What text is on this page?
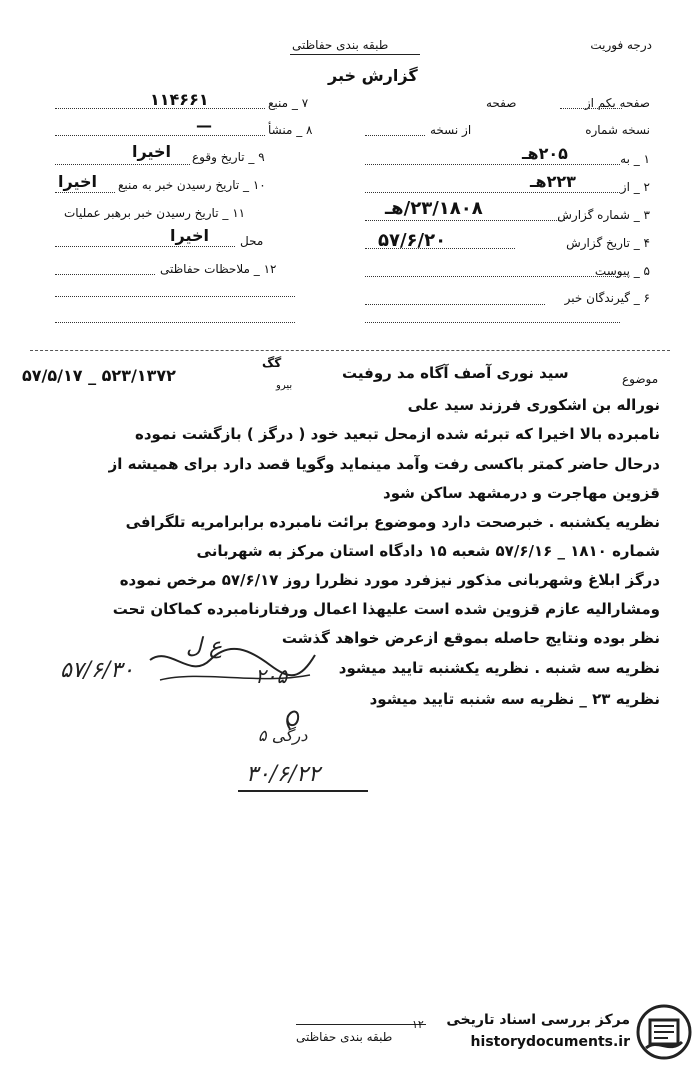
درجه فوریت
طبقه بندی حفاظتی
گزارش خبر
۷ _ منبع
۱۱۴۶۶۱
۸ _ منشأ
—
۹ _ تاریخ وقوع
اخیرا
۱۰ _ تاریخ رسیدن خبر به منبع
اخیرا
۱۱ _ تاریخ رسیدن خبر برهبر عملیات
محل
اخیرا
۱۲ _ ملاحظات حفاظتی
صفحه یکم از
صفحه
نسخه شماره
از نسخه
۱ _ به
۲۰۵هـ
۲ _ از
۲۲۳هـ
۳ _ شماره گزارش
۲۳/۱۸۰۸/هـ
۴ _ تاریخ گزارش
۵۷/۶/۲۰
۵ _ پیوست
۶ _ گیرندگان خبر
موضوع
سید نوری آصف آگاه مد روفیت
۵۷/۵/۱۷ _ ۵۲۳/۱۳۷۲
گگ
بیرو
نوراله بن اشکوری فرزند سید علی
نامبرده بالا اخیرا که تبرئه شده ازمحل تبعید خود ( درگز ) بازگشت نموده
درحال حاضر کمتر باکسی رفت وآمد مینماید وگویا قصد دارد برای همیشه از
قزوین مهاجرت و درمشهد ساکن شود
نظریه یکشنبه . خبرصحت دارد وموضوع برائت نامبرده برابرامریه تلگرافی
شماره ۱۸۱۰ _ ۵۷/۶/۱۶ شعبه ۱۵ دادگاه استان مرکز به شهربانی
درگز ابلاغ وشهربانی مذکور نیزفرد مورد نظررا روز ۵۷/۶/۱۷ مرخص نموده
ومشارالیه عازم قزوین شده است علیهذا اعمال ورفتارنامبرده کماکان تحت
نظر بوده ونتایج حاصله بموقع ازعرض خواهد گذشت
نظریه سه شنبه . نظریه یکشنبه تایید میشود
نظریه ۲۳ _ نظریه سه شنبه تایید میشود
۵۷/۶/۳۰	۲۰۵
ع ل
۵ درگی
۳۰/۶/۲۲
طبقه بندی حفاظتی
۱۲ مرکز بررسی اسناد تاریخی
historydocuments.ir
